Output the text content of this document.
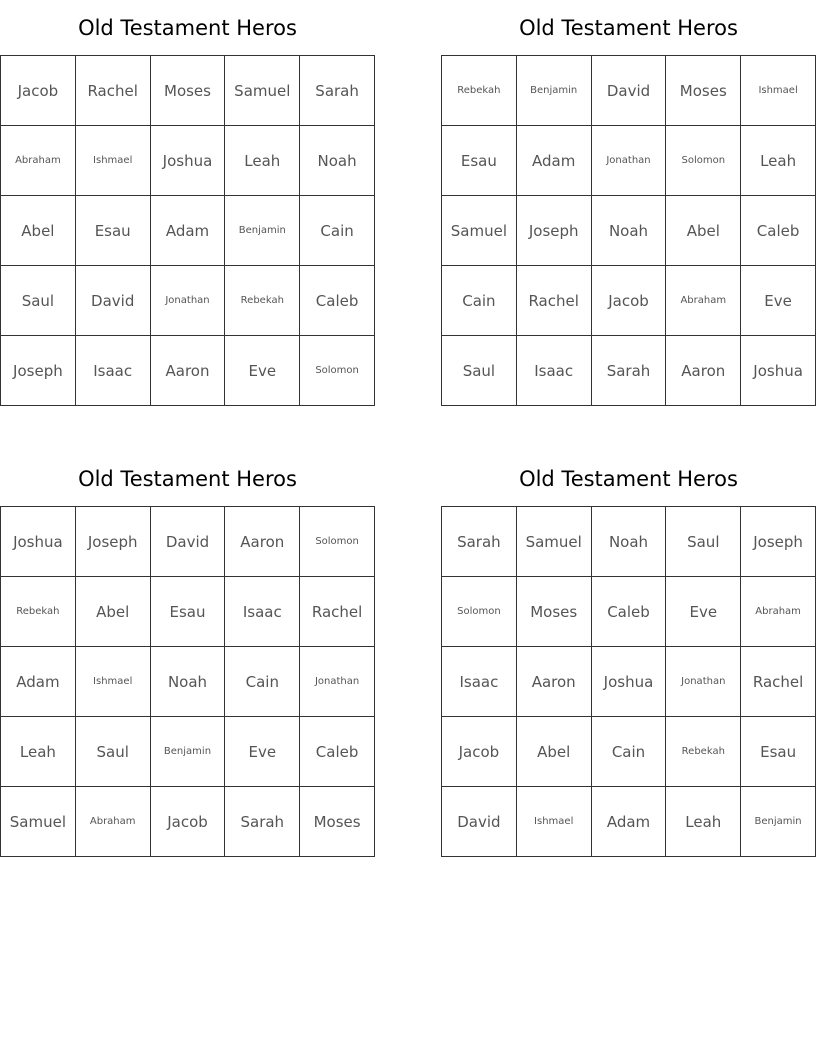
Old Testament Heros
Jacob	Rachel	Moses	Samuel	Sarah
Abraham	Ishmael	Joshua	Leah	Noah
Abel	Esau	Adam	Benjamin	Cain
Saul	David	Jonathan	Rebekah	Caleb
Joseph	Isaac	Aaron	Eve	Solomon
Old Testament Heros
Rebekah	Benjamin	David	Moses	Ishmael
Esau	Adam	Jonathan	Solomon	Leah
Samuel	Joseph	Noah	Abel	Caleb
Cain	Rachel	Jacob	Abraham	Eve
Saul	Isaac	Sarah	Aaron	Joshua
Old Testament Heros
Joshua	Joseph	David	Aaron	Solomon
Rebekah	Abel	Esau	Isaac	Rachel
Adam	Ishmael	Noah	Cain	Jonathan
Leah	Saul	Benjamin	Eve	Caleb
Samuel	Abraham	Jacob	Sarah	Moses
Old Testament Heros
Sarah	Samuel	Noah	Saul	Joseph
Solomon	Moses	Caleb	Eve	Abraham
Isaac	Aaron	Joshua	Jonathan	Rachel
Jacob	Abel	Cain	Rebekah	Esau
David	Ishmael	Adam	Leah	Benjamin
